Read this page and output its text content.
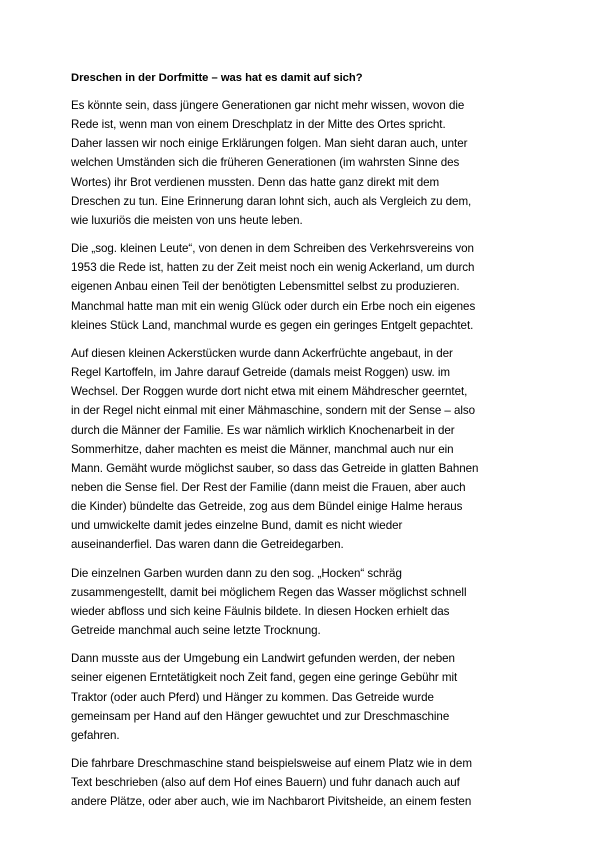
Dreschen in der Dorfmitte – was hat es damit auf sich?
Es könnte sein, dass jüngere Generationen gar nicht mehr wissen, wovon die
Rede ist, wenn man von einem Dreschplatz in der Mitte des Ortes spricht.
Daher lassen wir noch einige Erklärungen folgen. Man sieht daran auch, unter
welchen Umständen sich die früheren Generationen (im wahrsten Sinne des
Wortes) ihr Brot verdienen mussten. Denn das hatte ganz direkt mit dem
Dreschen zu tun. Eine Erinnerung daran lohnt sich, auch als Vergleich zu dem,
wie luxuriös die meisten von uns heute leben.
Die „sog. kleinen Leute“, von denen in dem Schreiben des Verkehrsvereins von
1953 die Rede ist, hatten zu der Zeit meist noch ein wenig Ackerland, um durch
eigenen Anbau einen Teil der benötigten Lebensmittel selbst zu produzieren.
Manchmal hatte man mit ein wenig Glück oder durch ein Erbe noch ein eigenes
kleines Stück Land, manchmal wurde es gegen ein geringes Entgelt gepachtet.
Auf diesen kleinen Ackerstücken wurde dann Ackerfrüchte angebaut, in der
Regel Kartoffeln, im Jahre darauf Getreide (damals meist Roggen) usw. im
Wechsel. Der Roggen wurde dort nicht etwa mit einem Mähdrescher geerntet,
in der Regel nicht einmal mit einer Mähmaschine, sondern mit der Sense – also
durch die Männer der Familie. Es war nämlich wirklich Knochenarbeit in der
Sommerhitze, daher machten es meist die Männer, manchmal auch nur ein
Mann. Gemäht wurde möglichst sauber, so dass das Getreide in glatten Bahnen
neben die Sense fiel. Der Rest der Familie (dann meist die Frauen, aber auch
die Kinder) bündelte das Getreide, zog aus dem Bündel einige Halme heraus
und umwickelte damit jedes einzelne Bund, damit es nicht wieder
auseinanderfiel. Das waren dann die Getreidegarben.
Die einzelnen Garben wurden dann zu den sog. „Hocken“ schräg
zusammengestellt, damit bei möglichem Regen das Wasser möglichst schnell
wieder abfloss und sich keine Fäulnis bildete. In diesen Hocken erhielt das
Getreide manchmal auch seine letzte Trocknung.
Dann musste aus der Umgebung ein Landwirt gefunden werden, der neben
seiner eigenen Erntetätigkeit noch Zeit fand, gegen eine geringe Gebühr mit
Traktor (oder auch Pferd) und Hänger zu kommen. Das Getreide wurde
gemeinsam per Hand auf den Hänger gewuchtet und zur Dreschmaschine
gefahren.
Die fahrbare Dreschmaschine stand beispielsweise auf einem Platz wie in dem
Text beschrieben (also auf dem Hof eines Bauern) und fuhr danach auch auf
andere Plätze, oder aber auch, wie im Nachbarort Pivitsheide, an einem festen
